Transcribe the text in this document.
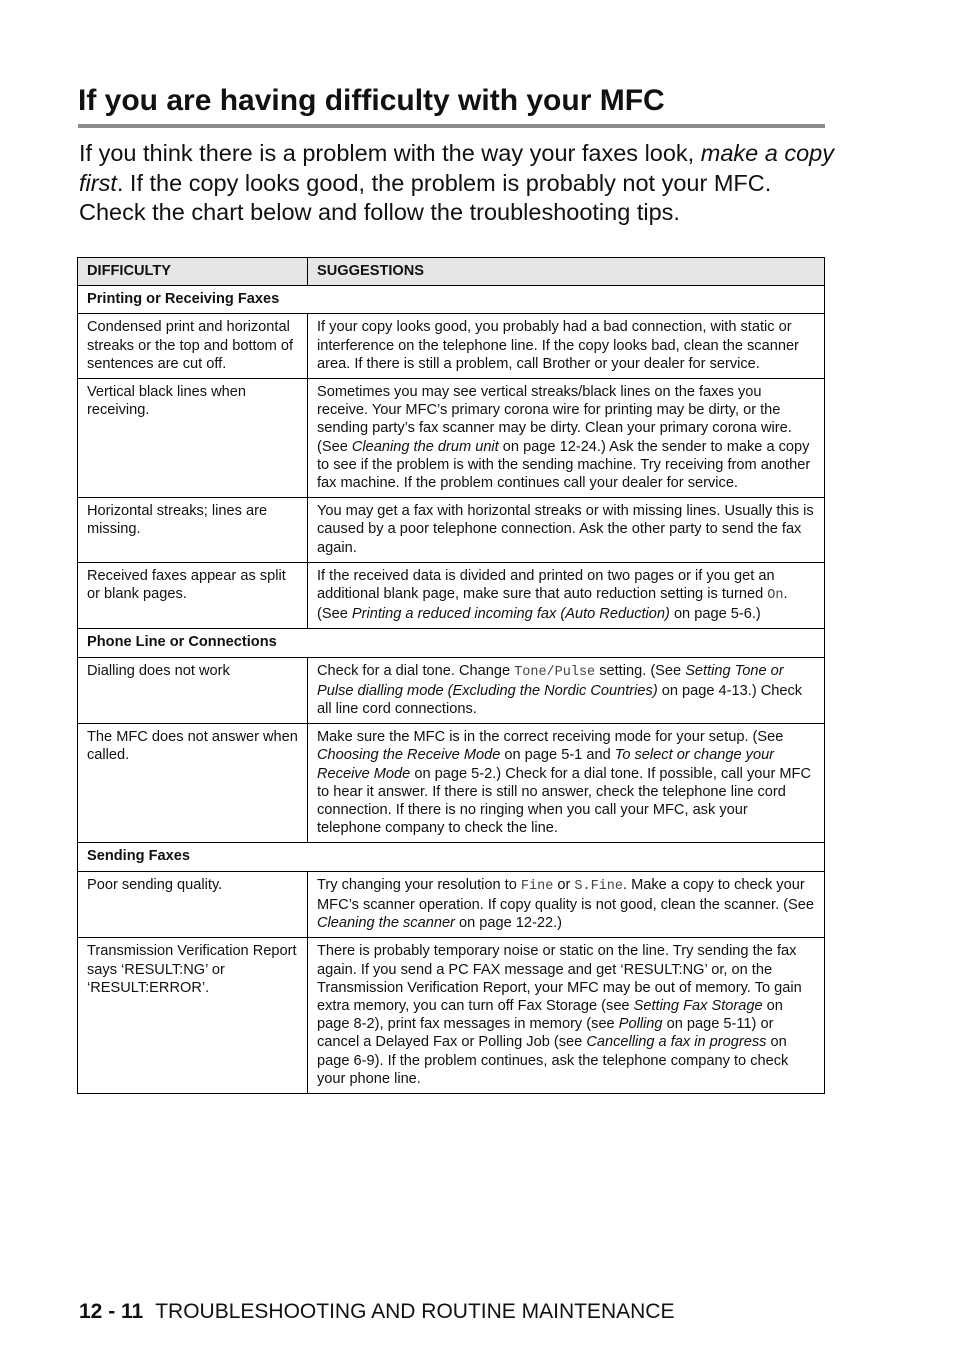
If you are having difficulty with your MFC

If you think there is a problem with the way your faxes look, make a copy first. If the copy looks good, the problem is probably not your MFC. Check the chart below and follow the troubleshooting tips.

DIFFICULTY	SUGGESTIONS
Printing or Receiving Faxes	
Condensed print and horizontal streaks or the top and bottom of sentences are cut off.	If your copy looks good, you probably had a bad connection, with static or interference on the telephone line. If the copy looks bad, clean the scanner area. If there is still a problem, call Brother or your dealer for service.
Vertical black lines when receiving.	Sometimes you may see vertical streaks/black lines on the faxes you receive. Your MFC’s primary corona wire for printing may be dirty, or the sending party’s fax scanner may be dirty. Clean your primary corona wire. (See Cleaning the drum unit on page 12-24.) Ask the sender to make a copy to see if the problem is with the sending machine. Try receiving from another fax machine. If the problem continues call your dealer for service.
Horizontal streaks; lines are missing.	You may get a fax with horizontal streaks or with missing lines. Usually this is caused by a poor telephone connection. Ask the other party to send the fax again.
Received faxes appear as split or blank pages.	If the received data is divided and printed on two pages or if you get an additional blank page, make sure that auto reduction setting is turned On. (See Printing a reduced incoming fax (Auto Reduction) on page 5-6.)
Phone Line or Connections	
Dialling does not work	Check for a dial tone. Change Tone/Pulse setting. (See Setting Tone or Pulse dialling mode (Excluding the Nordic Countries) on page 4-13.) Check all line cord connections.
The MFC does not answer when called.	Make sure the MFC is in the correct receiving mode for your setup. (See Choosing the Receive Mode on page 5-1 and To select or change your Receive Mode on page 5-2.) Check for a dial tone. If possible, call your MFC to hear it answer. If there is still no answer, check the telephone line cord connection. If there is no ringing when you call your MFC, ask your telephone company to check the line.
Sending Faxes	
Poor sending quality.	Try changing your resolution to Fine or S.Fine. Make a copy to check your MFC’s scanner operation. If copy quality is not good, clean the scanner. (See Cleaning the scanner on page 12-22.)
Transmission Verification Report says ‘RESULT:NG’ or ‘RESULT:ERROR’.	There is probably temporary noise or static on the line. Try sending the fax again. If you send a PC FAX message and get ‘RESULT:NG’ or, on the Transmission Verification Report, your MFC may be out of memory. To gain extra memory, you can turn off Fax Storage (see Setting Fax Storage on page 8-2), print fax messages in memory (see Polling on page 5-11) or cancel a Delayed Fax or Polling Job (see Cancelling a fax in progress on page 6-9). If the problem continues, ask the telephone company to check your phone line.
12 - 11 TROUBLESHOOTING AND ROUTINE MAINTENANCE
